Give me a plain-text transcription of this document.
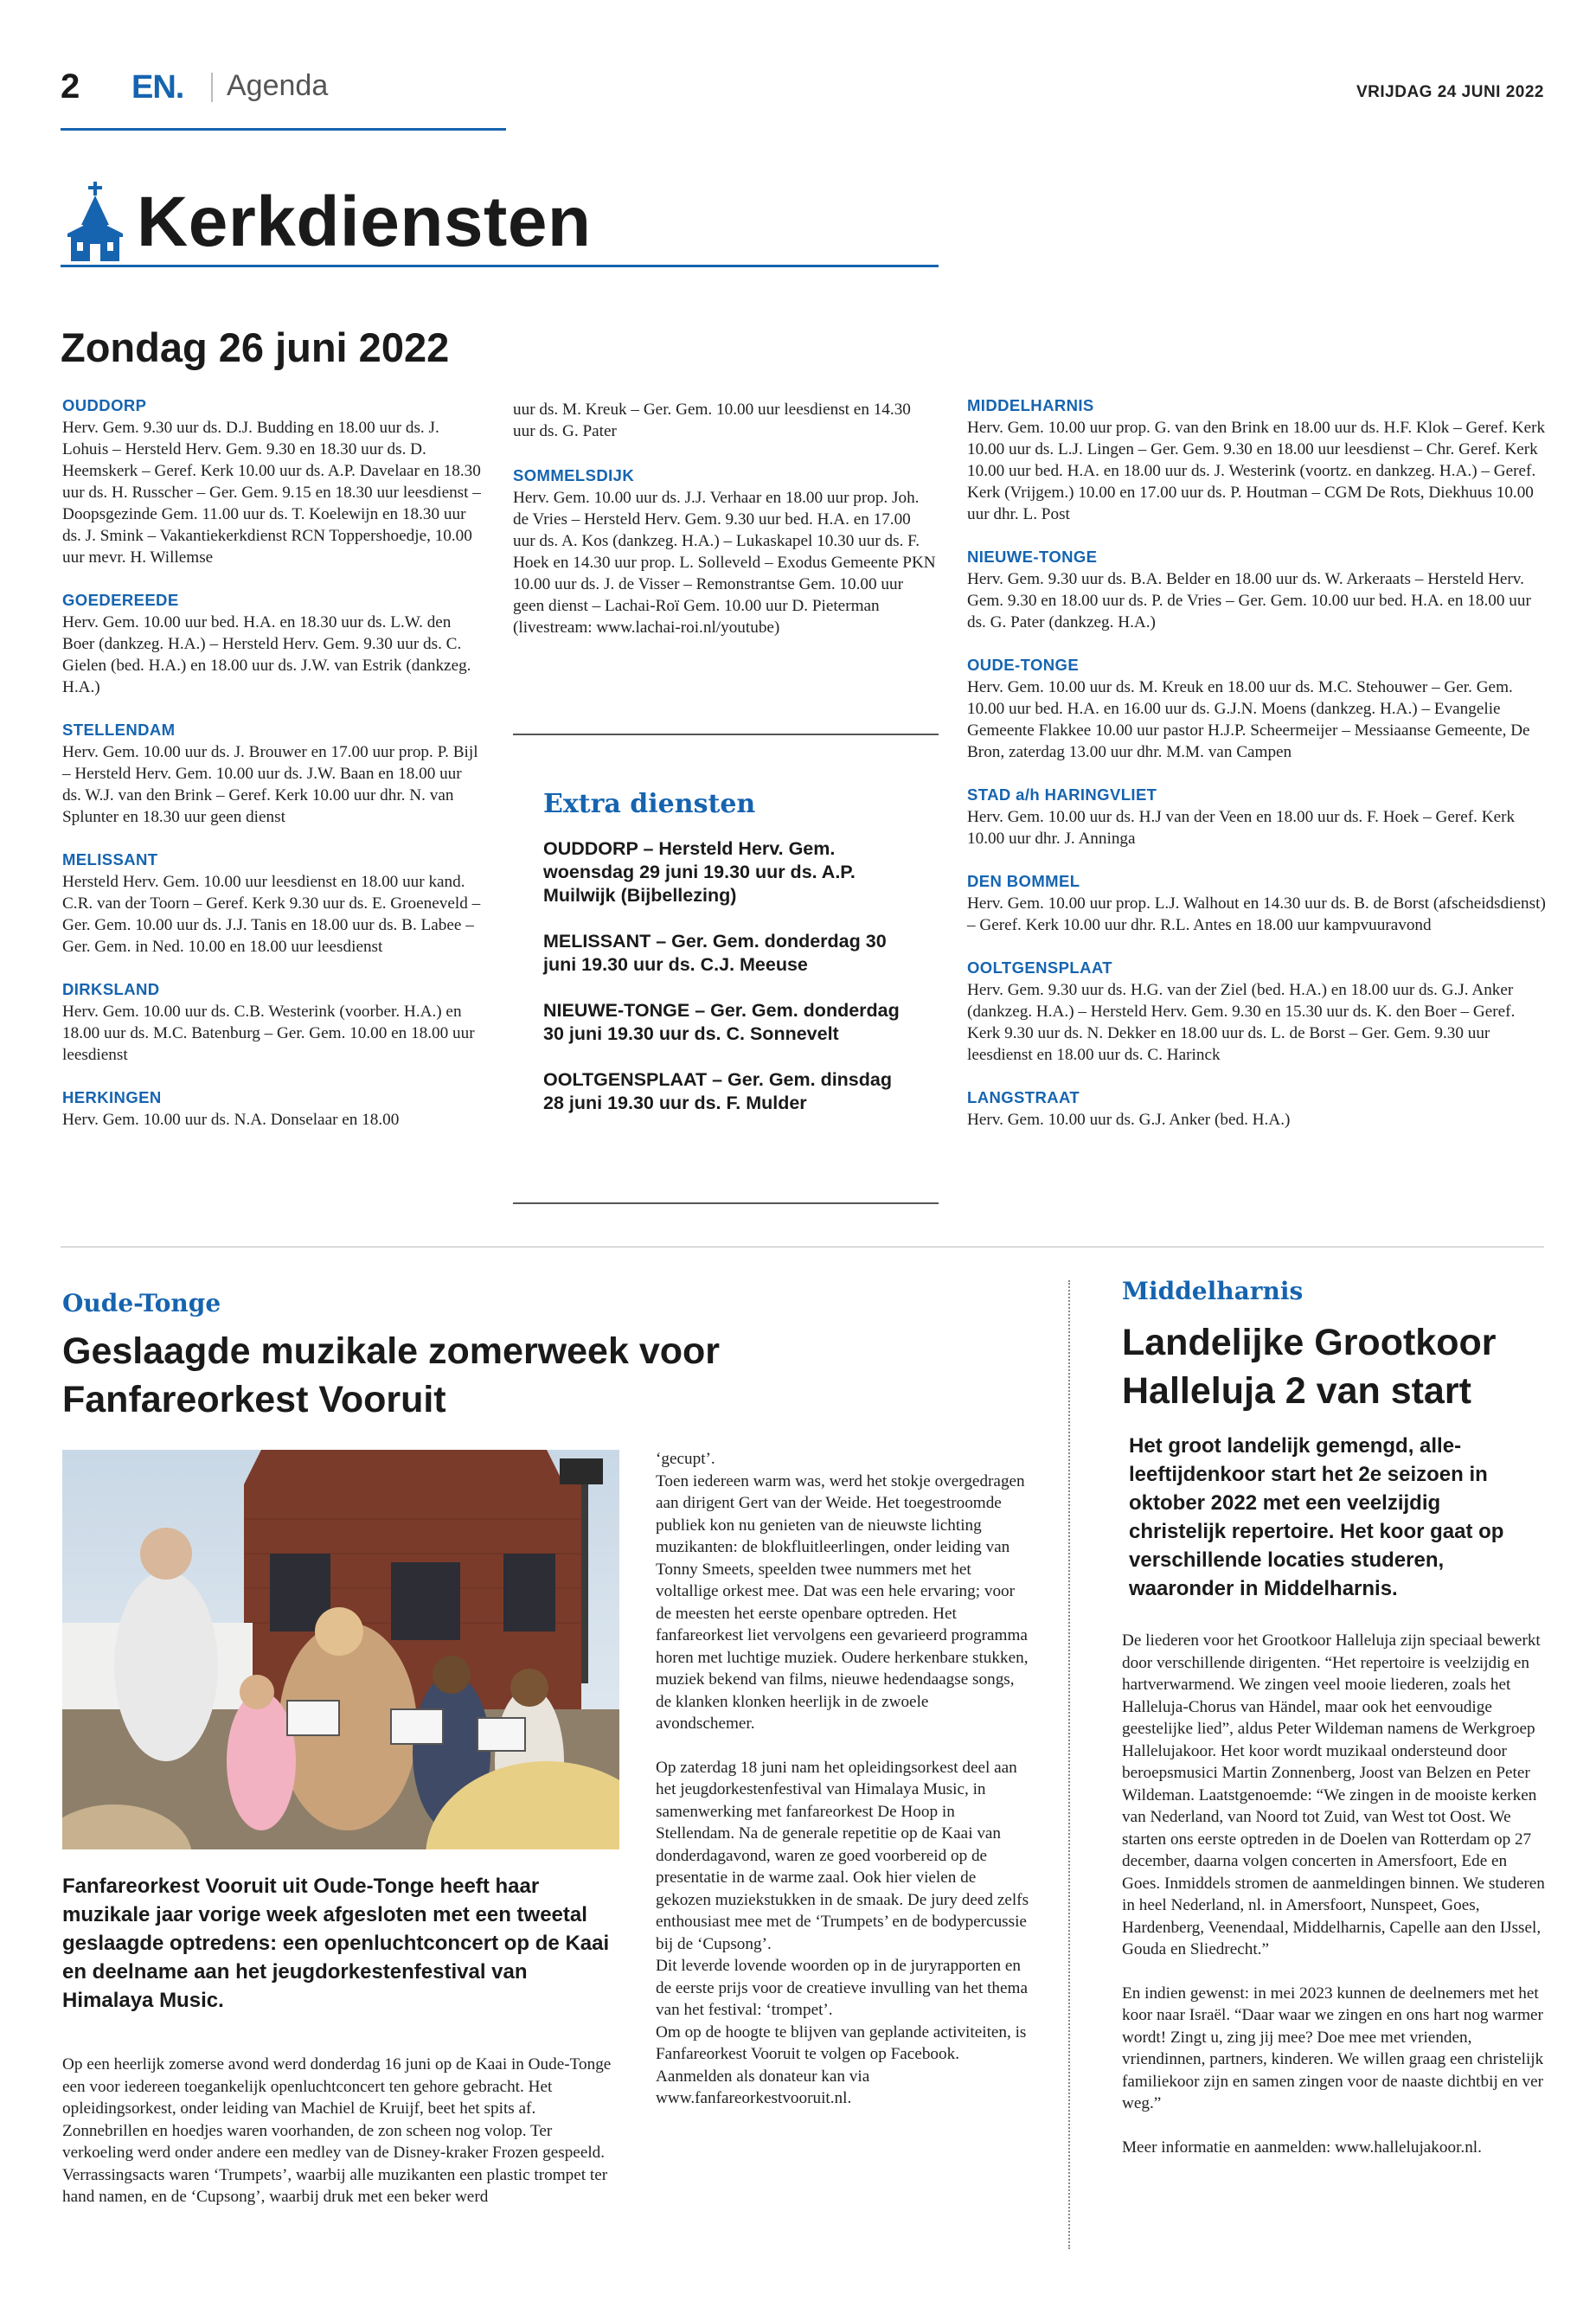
2 EN. Agenda	VRIJDAG 24 JUNI 2022
Kerkdiensten
Zondag 26 juni 2022
OUDDORP
Herv. Gem. 9.30 uur ds. D.J. Budding en 18.00 uur ds. J. Lohuis – Hersteld Herv. Gem. 9.30 en 18.30 uur ds. D. Heemskerk – Geref. Kerk 10.00 uur ds. A.P. Davelaar en 18.30 uur ds. H. Russcher – Ger. Gem. 9.15 en 18.30 uur leesdienst – Doopsgezinde Gem. 11.00 uur ds. T. Koelewijn en 18.30 uur ds. J. Smink – Vakantiekerkdienst RCN Toppershoedje, 10.00 uur mevr. H. Willemse
GOEDEREEDE
Herv. Gem. 10.00 uur bed. H.A. en 18.30 uur ds. L.W. den Boer (dankzeg. H.A.) – Hersteld Herv. Gem. 9.30 uur ds. C. Gielen (bed. H.A.) en 18.00 uur ds. J.W. van Estrik (dankzeg. H.A.)
STELLENDAM
Herv. Gem. 10.00 uur ds. J. Brouwer en 17.00 uur prop. P. Bijl – Hersteld Herv. Gem. 10.00 uur ds. J.W. Baan en 18.00 uur ds. W.J. van den Brink – Geref. Kerk 10.00 uur dhr. N. van Splunter en 18.30 uur geen dienst
MELISSANT
Hersteld Herv. Gem. 10.00 uur leesdienst en 18.00 uur kand. C.R. van der Toorn – Geref. Kerk 9.30 uur ds. E. Groeneveld – Ger. Gem. 10.00 uur ds. J.J. Tanis en 18.00 uur ds. B. Labee – Ger. Gem. in Ned. 10.00 en 18.00 uur leesdienst
DIRKSLAND
Herv. Gem. 10.00 uur ds. C.B. Westerink (voorber. H.A.) en 18.00 uur ds. M.C. Batenburg – Ger. Gem. 10.00 en 18.00 uur leesdienst
HERKINGEN
Herv. Gem. 10.00 uur ds. N.A. Donselaar en 18.00
uur ds. M. Kreuk – Ger. Gem. 10.00 uur leesdienst en 14.30 uur ds. G. Pater
SOMMELSDIJK
Herv. Gem. 10.00 uur ds. J.J. Verhaar en 18.00 uur prop. Joh. de Vries – Hersteld Herv. Gem. 9.30 uur bed. H.A. en 17.00 uur ds. A. Kos (dankzeg. H.A.) – Lukaskapel 10.30 uur ds. F. Hoek en 14.30 uur prop. L. Solleveld – Exodus Gemeente PKN 10.00 uur ds. J. de Visser – Remonstrantse Gem. 10.00 uur geen dienst – Lachai-Roï Gem. 10.00 uur D. Pieterman (livestream: www.lachai-roi.nl/youtube)
Extra diensten

OUDDORP – Hersteld Herv. Gem. woensdag 29 juni 19.30 uur ds. A.P. Muilwijk (Bijbellezing)

MELISSANT – Ger. Gem. donderdag 30 juni 19.30 uur ds. C.J. Meeuse

NIEUWE-TONGE – Ger. Gem. donderdag 30 juni 19.30 uur ds. C. Sonnevelt

OOLTGENSPLAAT – Ger. Gem. dinsdag 28 juni 19.30 uur ds. F. Mulder

MIDDELHARNIS
Herv. Gem. 10.00 uur prop. G. van den Brink en 18.00 uur ds. H.F. Klok – Geref. Kerk 10.00 uur ds. L.J. Lingen – Ger. Gem. 9.30 en 18.00 uur leesdienst – Chr. Geref. Kerk 10.00 uur bed. H.A. en 18.00 uur ds. J. Westerink (voortz. en dankzeg. H.A.) – Geref. Kerk (Vrijgem.) 10.00 en 17.00 uur ds. P. Houtman – CGM De Rots, Diekhuus 10.00 uur dhr. L. Post
NIEUWE-TONGE
Herv. Gem. 9.30 uur ds. B.A. Belder en 18.00 uur ds. W. Arkeraats – Hersteld Herv. Gem. 9.30 en 18.00 uur ds. P. de Vries – Ger. Gem. 10.00 uur bed. H.A. en 18.00 uur ds. G. Pater (dankzeg. H.A.)
OUDE-TONGE
Herv. Gem. 10.00 uur ds. M. Kreuk en 18.00 uur ds. M.C. Stehouwer – Ger. Gem. 10.00 uur bed. H.A. en 16.00 uur ds. G.J.N. Moens (dankzeg. H.A.) – Evangelie Gemeente Flakkee 10.00 uur pastor H.J.P. Scheermeijer – Messiaanse Gemeente, De Bron, zaterdag 13.00 uur dhr. M.M. van Campen
STAD a/h HARINGVLIET
Herv. Gem. 10.00 uur ds. H.J van der Veen en 18.00 uur ds. F. Hoek – Geref. Kerk 10.00 uur dhr. J. Anninga
DEN BOMMEL
Herv. Gem. 10.00 uur prop. L.J. Walhout en 14.30 uur ds. B. de Borst (afscheidsdienst) – Geref. Kerk 10.00 uur dhr. R.L. Antes en 18.00 uur kampvuuravond
OOLTGENSPLAAT
Herv. Gem. 9.30 uur ds. H.G. van der Ziel (bed. H.A.) en 18.00 uur ds. G.J. Anker (dankzeg. H.A.) – Hersteld Herv. Gem. 9.30 en 15.30 uur ds. K. den Boer – Geref. Kerk 9.30 uur ds. N. Dekker en 18.00 uur ds. L. de Borst – Ger. Gem. 9.30 uur leesdienst en 18.00 uur ds. C. Harinck
LANGSTRAAT
Herv. Gem. 10.00 uur ds. G.J. Anker (bed. H.A.)
Oude-Tonge
Geslaagde muzikale zomerweek voor Fanfareorkest Vooruit
Fanfareorkest Vooruit uit Oude-Tonge heeft haar muzikale jaar vorige week afgesloten met een tweetal geslaagde optredens: een openluchtconcert op de Kaai en deelname aan het jeugdorkestenfestival van Himalaya Music.

Op een heerlijk zomerse avond werd donderdag 16 juni op de Kaai in Oude-Tonge een voor iedereen toegankelijk openluchtconcert ten gehore gebracht. Het opleidingsorkest, onder leiding van Machiel de Kruijf, beet het spits af. Zonnebrillen en hoedjes waren voorhanden, de zon scheen nog volop. Ter verkoeling werd onder andere een medley van de Disney-kraker Frozen gespeeld. Verrassingsacts waren ‘Trumpets’, waarbij alle muzikanten een plastic trompet ter hand namen, en de ‘Cupsong’, waarbij druk met een beker werd

‘gecupt’.

Toen iedereen warm was, werd het stokje overgedragen aan dirigent Gert van der Weide. Het toegestroomde publiek kon nu genieten van de nieuwste lichting muzikanten: de blokfluitleerlingen, onder leiding van Tonny Smeets, speelden twee nummers met het voltallige orkest mee. Dat was een hele ervaring; voor de meesten het eerste openbare optreden. Het fanfareorkest liet vervolgens een gevarieerd programma horen met luchtige muziek. Oudere herkenbare stukken, muziek bekend van films, nieuwe hedendaagse songs, de klanken klonken heerlijk in de zwoele avondschemer.

Op zaterdag 18 juni nam het opleidingsorkest deel aan het jeugdorkestenfestival van Himalaya Music, in samenwerking met fanfareorkest De Hoop in Stellendam. Na de generale repetitie op de Kaai van donderdagavond, waren ze goed voorbereid op de presentatie in de warme zaal. Ook hier vielen de gekozen muziekstukken in de smaak. De jury deed zelfs enthousiast mee met de ‘Trumpets’ en de bodypercussie bij de ‘Cupsong’.

Dit leverde lovende woorden op in de juryrapporten en de eerste prijs voor de creatieve invulling van het thema van het festival: ‘trompet’.

Om op de hoogte te blijven van geplande activiteiten, is Fanfareorkest Vooruit te volgen op Facebook. Aanmelden als donateur kan via www.fanfareorkestvooruit.nl.

Middelharnis
Landelijke Grootkoor Halleluja 2 van start
Het groot landelijk gemengd, alle-leeftijdenkoor start het 2e seizoen in oktober 2022 met een veelzijdig christelijk repertoire. Het koor gaat op verschillende locaties studeren, waaronder in Middelharnis.

De liederen voor het Grootkoor Halleluja zijn speciaal bewerkt door verschillende dirigenten. “Het repertoire is veelzijdig en hartverwarmend. We zingen veel mooie liederen, zoals het Halleluja-Chorus van Händel, maar ook het eenvoudige geestelijke lied”, aldus Peter Wildeman namens de Werkgroep Hallelujakoor. Het koor wordt muzikaal ondersteund door beroepsmusici Martin Zonnenberg, Joost van Belzen en Peter Wildeman. Laatstgenoemde: “We zingen in de mooiste kerken van Nederland, van Noord tot Zuid, van West tot Oost. We starten ons eerste optreden in de Doelen van Rotterdam op 27 december, daarna volgen concerten in Amersfoort, Ede en Goes. Inmiddels stromen de aanmeldingen binnen. We studeren in heel Nederland, nl. in Amersfoort, Nunspeet, Goes, Hardenberg, Veenendaal, Middelharnis, Capelle aan den IJssel, Gouda en Sliedrecht.”

En indien gewenst: in mei 2023 kunnen de deelnemers met het koor naar Israël. “Daar waar we zingen en ons hart nog warmer wordt! Zingt u, zing jij mee? Doe mee met vrienden, vriendinnen, partners, kinderen. We willen graag een christelijk familiekoor zijn en samen zingen voor de naaste dichtbij en ver weg.”

Meer informatie en aanmelden: www.hallelujakoor.nl.
